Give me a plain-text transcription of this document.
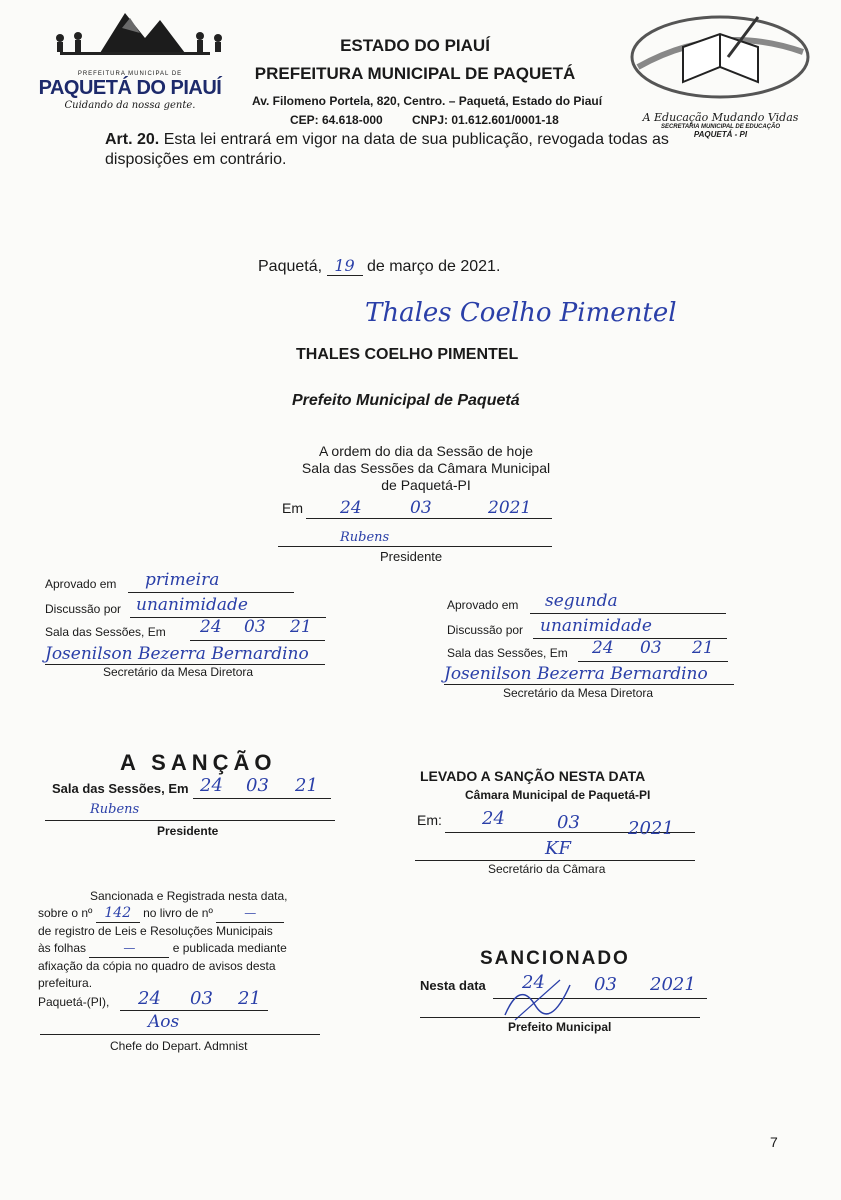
PREFEITURA MUNICIPAL DE
PAQUETÁ DO PIAUÍ
Cuidando da nossa gente.
ESTADO DO PIAUÍ
PREFEITURA MUNICIPAL DE PAQUETÁ
Av. Filomeno Portela, 820, Centro. – Paquetá, Estado do Piauí
CEP: 64.618-000 CNPJ: 01.612.601/0001-18	A Educação Mudando Vidas
SECRETARIA MUNICIPAL DE EDUCAÇÃO
PAQUETÁ - PI
Art. 20. Esta lei entrará em vigor na data de sua publicação, revogada todas as
disposições em contrário.
Paquetá, 19 de março de 2021.
Thales Coelho Pimentel
THALES COELHO PIMENTEL
Prefeito Municipal de Paquetá
A ordem do dia da Sessão de hoje
Sala das Sessões da Câmara Municipal
de Paquetá-PI
Em 24	03	2021
Rubens
Presidente
Aprovado em primeira
Discussão por unanimidade
Sala das Sessões, Em 24 03 21
Josenilson Bezerra Bernardino
Secretário da Mesa Diretora
Aprovado em segunda
Discussão por unanimidade
Sala das Sessões, Em 24 03 21
Josenilson Bezerra Bernardino
Secretário da Mesa Diretora
A SANÇÃO
Sala das Sessões, Em 24 03 21
Rubens
Presidente
LEVADO A SANÇÃO NESTA DATA
Câmara Municipal de Paquetá-PI
Em: 24	03	2021
KF
Secretário da Câmara
Sancionada e Registrada nesta data,
sobre o nº 142 no livro de nº	—
de registro de Leis e Resoluções Municipais
às folhas	—	e publicada mediante
afixação da cópia no quadro de avisos desta
prefeitura.
Paquetá-(PI), 24 03 21
Aos
Chefe do Depart. Admnist
SANCIONADO
Nesta data 24	03 2021
Prefeito Municipal
7
